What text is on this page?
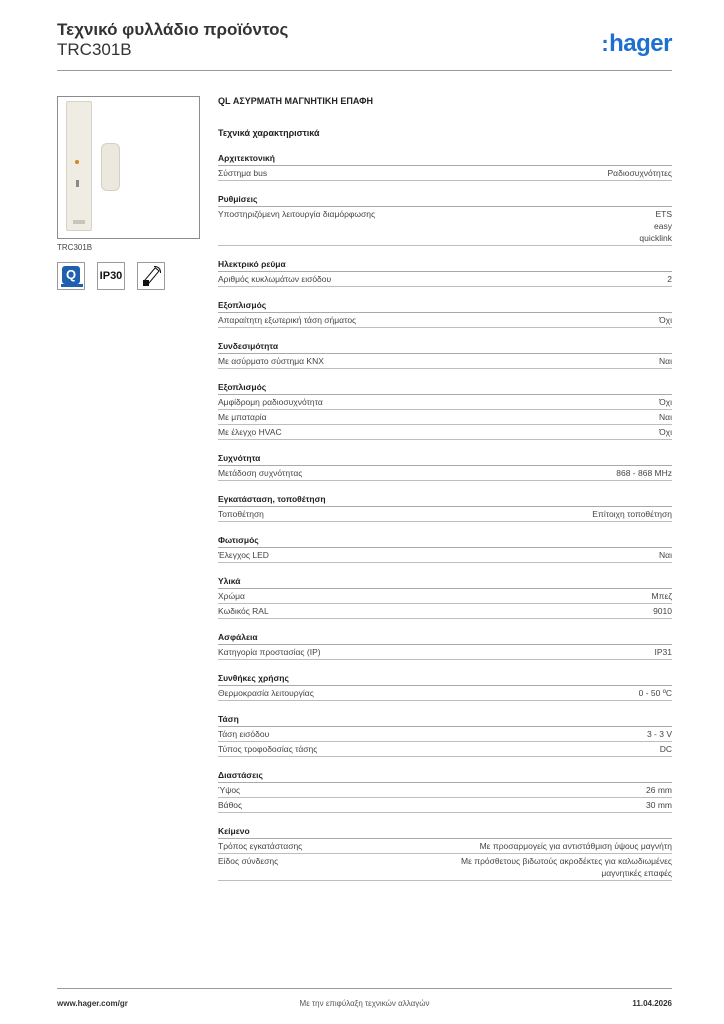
Τεχνικό φυλλάδιο προϊόντος
TRC301B	:hager
TRC301B
Q	IP30
QL ΑΣΥΡΜΑΤΗ ΜΑΓΝΗΤΙΚΗ ΕΠΑΦΗ
Τεχνικά χαρακτηριστικά
Αρχιτεκτονική
Σύστημα bus	Ραδιοσυχνότητες
Ρυθμίσεις
Υποστηριζόμενη λειτουργία διαμόρφωσης	ETS
easy
quicklink
Ηλεκτρικό ρεύμα
Αριθμός κυκλωμάτων εισόδου	2
Εξοπλισμός
Απαραίτητη εξωτερική τάση σήματος	Όχι
Συνδεσιμότητα
Με ασύρματο σύστημα KNX	Ναι
Εξοπλισμός
Αμφίδρομη ραδιοσυχνότητα	Όχι
Με μπαταρία	Ναι
Με έλεγχο HVAC	Όχι
Συχνότητα
Μετάδοση συχνότητας	868 - 868 MHz
Εγκατάσταση, τοποθέτηση
Τοποθέτηση	Επίτοιχη τοποθέτηση
Φωτισμός
Έλεγχος LED	Ναι
Υλικά
Χρώμα	Μπεζ
Κωδικός RAL	9010
Ασφάλεια
Κατηγορία προστασίας (IP)	IP31
Συνθήκες χρήσης
Θερμοκρασία λειτουργίας	0 - 50 ºC
Τάση
Τάση εισόδου	3 - 3 V
Τύπος τροφοδοσίας τάσης	DC
Διαστάσεις
Ύψος	26 mm
Βάθος	30 mm
Κείμενο
Τρόπος εγκατάστασης	Με προσαρμογείς για αντιστάθμιση ύψους μαγνήτη
Είδος σύνδεσης	Με πρόσθετους βιδωτούς ακροδέκτες για καλωδιωμένες
μαγνητικές επαφές
www.hager.com/gr	Με την επιφύλαξη τεχνικών αλλαγών	11.04.2026
